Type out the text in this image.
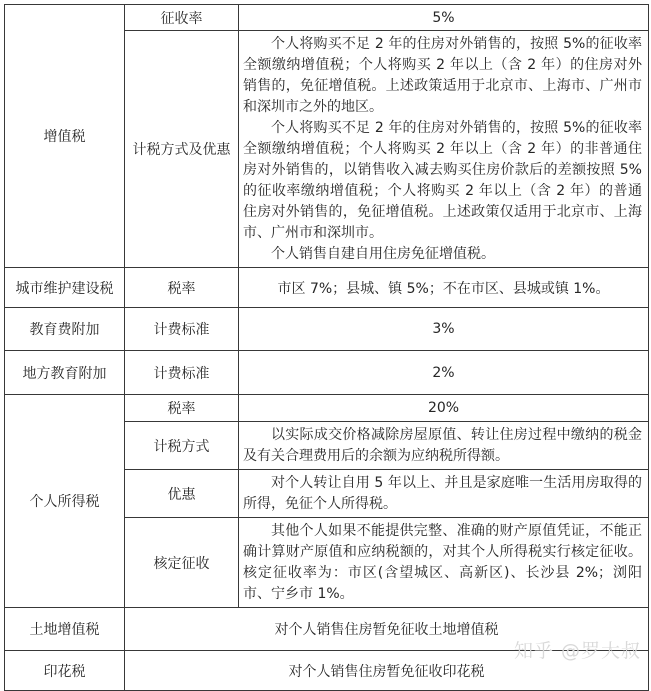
增值税	征收率	5%
	计税方式及优惠	个人将购买不足 2 年的住房对外销售的，按照 5%的征收率全额缴纳增值税；个人将购买 2 年以上（含 2 年）的住房对外销售的，免征增值税。上述政策适用于北京市、上海市、广州市和深圳市之外的地区。

个人将购买不足 2 年的住房对外销售的，按照 5%的征收率全额缴纳增值税；个人将购买 2 年以上（含 2 年）的非普通住房对外销售的，以销售收入减去购买住房价款后的差额按照 5%的征收率缴纳增值税；个人将购买 2 年以上（含 2 年）的普通住房对外销售的，免征增值税。上述政策仅适用于北京市、上海市、广州市和深圳市。

个人销售自建自用住房免征增值税。

城市维护建设税	税率	市区 7%；县城、镇 5%；不在市区、县城或镇 1%。
教育费附加	计费标准	3%
地方教育附加	计费标准	2%
个人所得税	税率	20%
	计税方式	以实际成交价格减除房屋原值、转让住房过程中缴纳的税金及有关合理费用后的余额为应纳税所得额。

	优惠	对个人转让自用 5 年以上、并且是家庭唯一生活用房取得的所得，免征个人所得税。

	核定征收	其他个人如果不能提供完整、准确的财产原值凭证，不能正确计算财产原值和应纳税额的，对其个人所得税实行核定征收。核定征收率为：市区(含望城区、高新区)、长沙县 2%；浏阳市、宁乡市 1%。

土地增值税	对个人销售住房暂免征收土地增值税	
印花税	对个人销售住房暂免征收印花税	
知乎 @罗大叔
